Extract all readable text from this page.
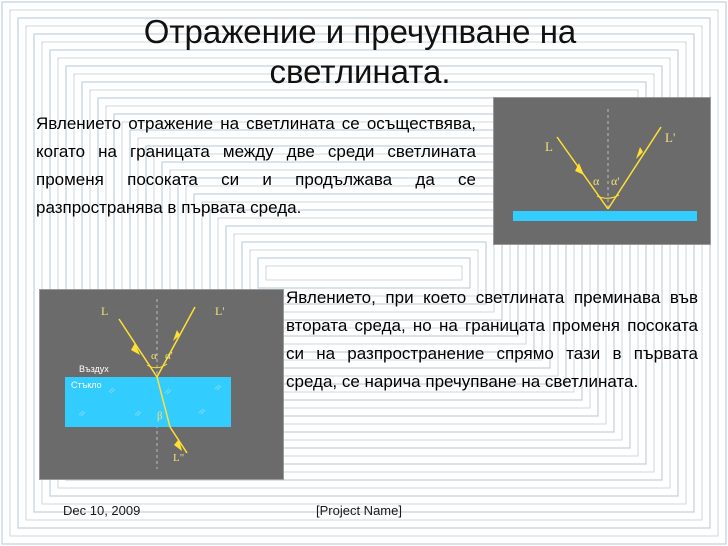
Отражение и пречупване на светлината.
Явлението отражение на светлината се осъществява, когато на границата между две среди светлината променя посоката си и продължава да се разпространява в първата среда.
Явлението, при което светлината преминава във втората среда, но на границата променя посоката си на разпространение спрямо тази в първата среда, се нарича пречупване на светлината.
L
L'
α α'
L	L'
α α'
β
L"
Въздух
Стъкло
Dec 10, 2009	[Project Name]
